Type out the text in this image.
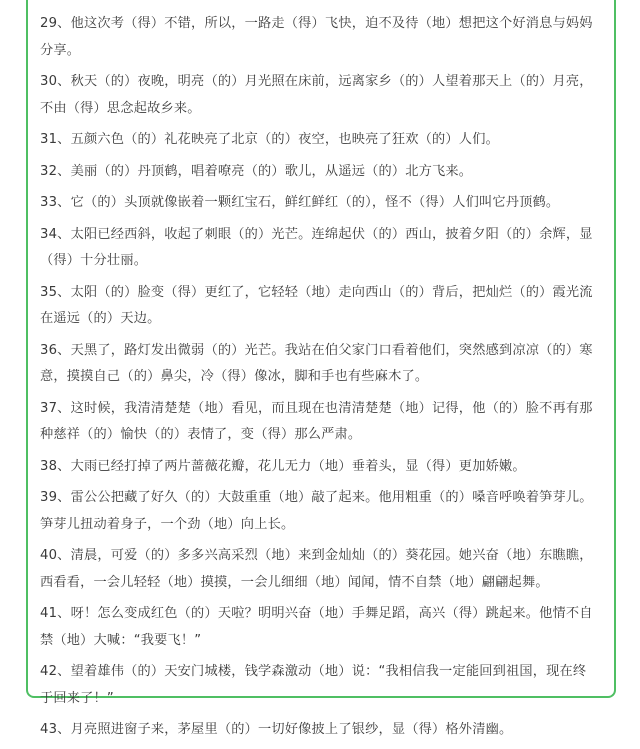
29、他这次考（得）不错，所以，一路走（得）飞快，迫不及待（地）想把这个好消息与妈妈分享。

30、秋天（的）夜晚，明亮（的）月光照在床前，远离家乡（的）人望着那天上（的）月亮，不由（得）思念起故乡来。

31、五颜六色（的）礼花映亮了北京（的）夜空，也映亮了狂欢（的）人们。

32、美丽（的）丹顶鹤，唱着嘹亮（的）歌儿，从遥远（的）北方飞来。

33、它（的）头顶就像嵌着一颗红宝石，鲜红鲜红（的），怪不（得）人们叫它丹顶鹤。

34、太阳已经西斜，收起了刺眼（的）光芒。连绵起伏（的）西山，披着夕阳（的）余辉，显（得）十分壮丽。

35、太阳（的）脸变（得）更红了，它轻轻（地）走向西山（的）背后，把灿烂（的）霞光流在遥远（的）天边。

36、天黑了，路灯发出微弱（的）光芒。我站在伯父家门口看着他们，突然感到凉凉（的）寒意，摸摸自己（的）鼻尖，冷（得）像冰，脚和手也有些麻木了。

37、这时候，我清清楚楚（地）看见，而且现在也清清楚楚（地）记得，他（的）脸不再有那种慈祥（的）愉快（的）表情了，变（得）那么严肃。

38、大雨已经打掉了两片蔷薇花瓣，花儿无力（地）垂着头，显（得）更加娇嫩。

39、雷公公把藏了好久（的）大鼓重重（地）敲了起来。他用粗重（的）嗓音呼唤着笋芽儿。笋芽儿扭动着身子，一个劲（地）向上长。

40、清晨，可爱（的）多多兴高采烈（地）来到金灿灿（的）葵花园。她兴奋（地）东瞧瞧，西看看，一会儿轻轻（地）摸摸，一会儿细细（地）闻闻，情不自禁（地）翩翩起舞。

41、呀！怎么变成红色（的）天啦？明明兴奋（地）手舞足蹈，高兴（得）跳起来。他情不自禁（地）大喊：“我要飞！”

42、望着雄伟（的）天安门城楼，钱学森激动（地）说：“我相信我一定能回到祖国，现在终于回来了！”

43、月亮照进窗子来，茅屋里（的）一切好像披上了银纱，显（得）格外清幽。
